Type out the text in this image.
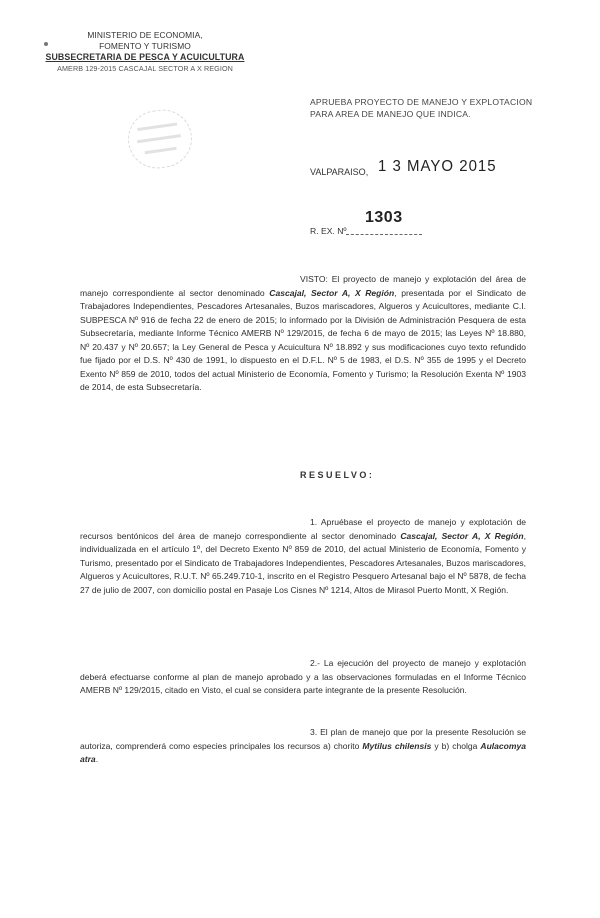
MINISTERIO DE ECONOMIA,
FOMENTO Y TURISMO
SUBSECRETARIA DE PESCA Y ACUICULTURA
AMERB 129-2015 CASCAJAL SECTOR A X REGION
APRUEBA PROYECTO DE MANEJO Y EXPLOTACION PARA AREA DE MANEJO QUE INDICA.
VALPARAISO, 1 3 MAYO 2015
R. EX. Nº
1303
VISTO: El proyecto de manejo y explotación del área de manejo correspondiente al sector denominado Cascajal, Sector A, X Región, presentada por el Sindicato de Trabajadores Independientes, Pescadores Artesanales, Buzos mariscadores, Algueros y Acuicultores, mediante C.I. SUBPESCA Nº 916 de fecha 22 de enero de 2015; lo informado por la División de Administración Pesquera de esta Subsecretaría, mediante Informe Técnico AMERB Nº 129/2015, de fecha 6 de mayo de 2015; las Leyes Nº 18.880, Nº 20.437 y Nº 20.657; la Ley General de Pesca y Acuicultura Nº 18.892 y sus modificaciones cuyo texto refundido fue fijado por el D.S. Nº 430 de 1991, lo dispuesto en el D.F.L. Nº 5 de 1983, el D.S. Nº 355 de 1995 y el Decreto Exento Nº 859 de 2010, todos del actual Ministerio de Economía, Fomento y Turismo; la Resolución Exenta Nº 1903 de 2014, de esta Subsecretaría.
RESUELVO:
1. Apruébase el proyecto de manejo y explotación de recursos bentónicos del área de manejo correspondiente al sector denominado Cascajal, Sector A, X Región, individualizada en el artículo 1º, del Decreto Exento Nº 859 de 2010, del actual Ministerio de Economía, Fomento y Turismo, presentado por el Sindicato de Trabajadores Independientes, Pescadores Artesanales, Buzos mariscadores, Algueros y Acuicultores, R.U.T. Nº 65.249.710-1, inscrito en el Registro Pesquero Artesanal bajo el Nº 5878, de fecha 27 de julio de 2007, con domicilio postal en Pasaje Los Cisnes Nº 1214, Altos de Mirasol Puerto Montt, X Región.
2.- La ejecución del proyecto de manejo y explotación deberá efectuarse conforme al plan de manejo aprobado y a las observaciones formuladas en el Informe Técnico AMERB Nº 129/2015, citado en Visto, el cual se considera parte integrante de la presente Resolución.
3. El plan de manejo que por la presente Resolución se autoriza, comprenderá como especies principales los recursos a) chorito Mytilus chilensis y b) cholga Aulacomya atra.
